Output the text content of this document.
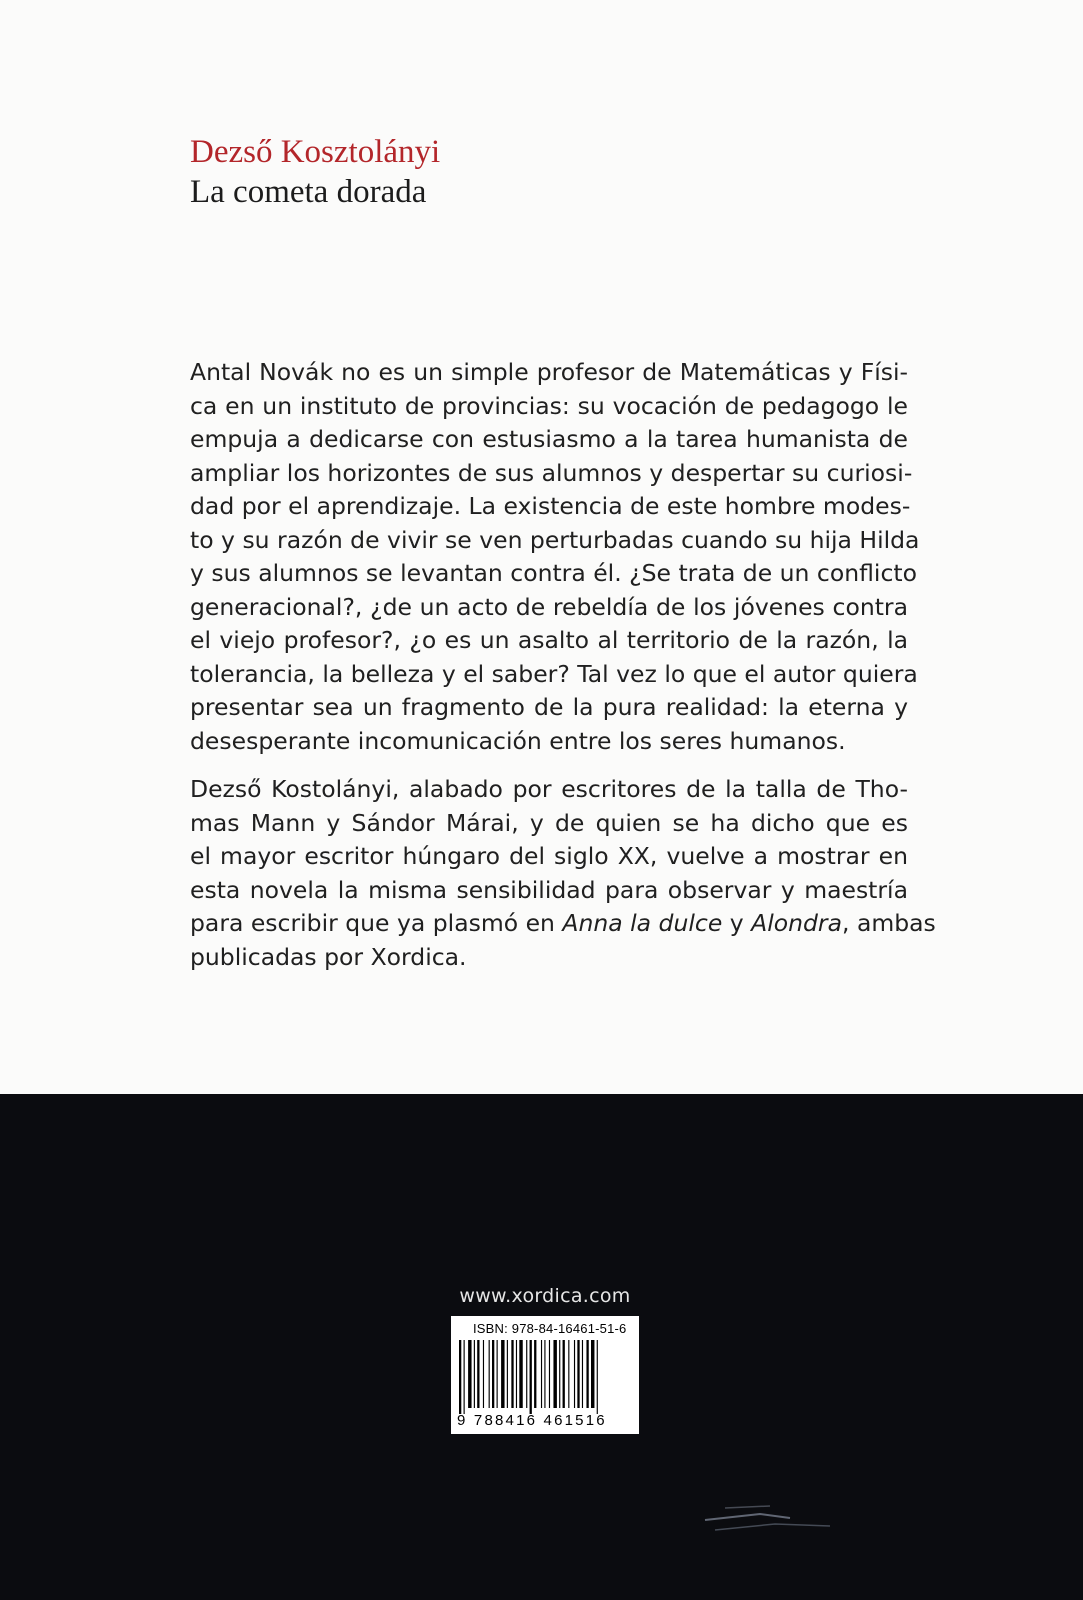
Dezső Kosztolányi
La cometa dorada

Antal Novák no es un simple profesor de Matemáticas y Físi-
ca en un instituto de provincias: su vocación de pedagogo le
empuja a dedicarse con estusiasmo a la tarea humanista de
ampliar los horizontes de sus alumnos y despertar su curiosi-
dad por el aprendizaje. La existencia de este hombre modes-
to y su razón de vivir se ven perturbadas cuando su hija Hilda
y sus alumnos se levantan contra él. ¿Se trata de un conflicto
generacional?, ¿de un acto de rebeldía de los jóvenes contra
el viejo profesor?, ¿o es un asalto al territorio de la razón, la
tolerancia, la belleza y el saber? Tal vez lo que el autor quiera
presentar sea un fragmento de la pura realidad: la eterna y
desesperante incomunicación entre los seres humanos.

Dezső Kostolányi, alabado por escritores de la talla de Tho-
mas Mann y Sándor Márai, y de quien se ha dicho que es
el mayor escritor húngaro del siglo XX, vuelve a mostrar en
esta novela la misma sensibilidad para observar y maestría
para escribir que ya plasmó en Anna la dulce y Alondra, ambas
publicadas por Xordica.

www.xordica.com
ISBN: 978-84-16461-51-6
9 788416 461516
